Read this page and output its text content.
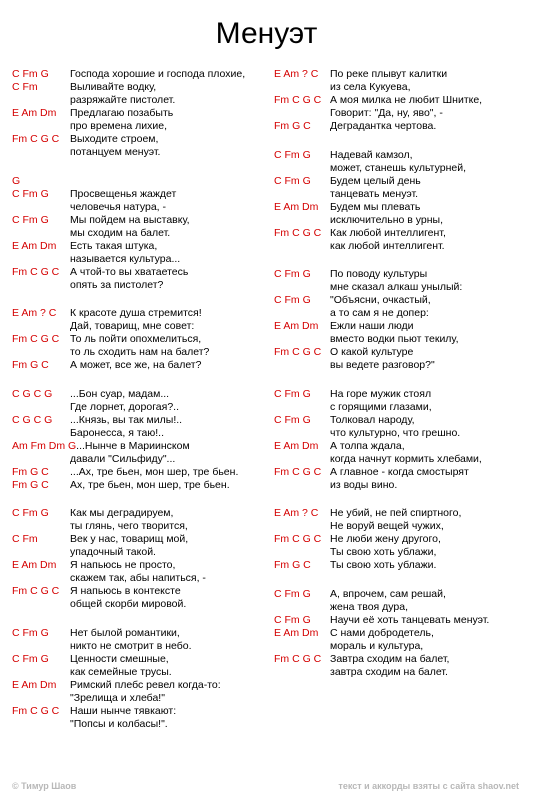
Менуэт
C Fm G	Господа хорошие и господа плохие,
C Fm	Выливайте водку,
разряжайте пистолет.
E Am Dm	Предлагаю позабыть
про времена лихие,
Fm C G C	Выходите строем,
потанцуем менуэт.
G
C Fm G	Просвещенья жаждет
человечья натура, -
C Fm G	Мы пойдем на выставку,
мы сходим на балет.
E Am Dm	Есть такая штука,
называется культура...
Fm C G C	А чтой-то вы хватаетесь
опять за пистолет?
E Am ? C	К красоте душа стремится!
Дай, товарищ, мне совет:
Fm C G C	То ль пойти опохмелиться,
то ль сходить нам на балет?
Fm G C	А может, все же, на балет?
C G C G	...Бон суар, мадам...
Где лорнет, дорогая?..
C G C G	...Князь, вы так милы!..
Баронесса, я таю!..
Am Fm Dm G ...Нынче в Мариинском
давали "Сильфиду"...
Fm G C	...Ах, тре бьен, мон шер, тре бьен.
Fm G C	Ах, тре бьен, мон шер, тре бьен.
C Fm G	Как мы деградируем,
ты глянь, чего творится,
C Fm	Век у нас, товарищ мой,
упадочный такой.
E Am Dm	Я напьюсь не просто,
скажем так, абы напиться, -
Fm C G C	Я напьюсь в контексте
общей скорби мировой.
C Fm G	Нет былой романтики,
никто не смотрит в небо.
C Fm G	Ценности смешные,
как семейные трусы.
E Am Dm	Римский плебс ревел когда-то:
"Зрелища и хлеба!"
Fm C G C	Наши нынче тявкают:
"Попсы и колбасы!".
E Am ? C	По реке плывут калитки
из села Кукуева,
Fm C G C А моя милка не любит Шнитке,
Говорит: "Да, ну, яво", -
Fm G C	Деградантка чертова.
C Fm G	Надевай камзол,
может, станешь культурней,
C Fm G	Будем целый день
танцевать менуэт.
E Am Dm	Будем мы плевать
исключительно в урны,
Fm C G C Как любой интеллигент,
как любой интеллигент.
C Fm G	По поводу культуры
мне сказал алкаш унылый:
C Fm G	"Объясни, очкастый,
а то сам я не допер:
E Am Dm	Ежли наши люди
вместо водки пьют текилу,
Fm C G C О какой культуре
вы ведете разговор?"
C Fm G	На горе мужик стоял
с горящими глазами,
C Fm G	Толковал народу,
что культурно, что грешно.
E Am Dm	А толпа ждала,
когда начнут кормить хлебами,
Fm C G C А главное - когда смостырят
из воды вино.
E Am ? C	Не убий, не пей спиртного,
Не воруй вещей чужих,
Fm C G C Не люби жену другого,
Ты свою хоть ублажи,
Fm G C	Ты свою хоть ублажи.
C Fm G	А, впрочем, сам решай,
жена твоя дура,
C Fm G	Научи её хоть танцевать менуэт.
E Am Dm	С нами добродетель,
мораль и культура,
Fm C G C Завтра сходим на балет,
завтра сходим на балет.
© Тимур Шаов	текст и аккорды взяты с сайта shaov.net
